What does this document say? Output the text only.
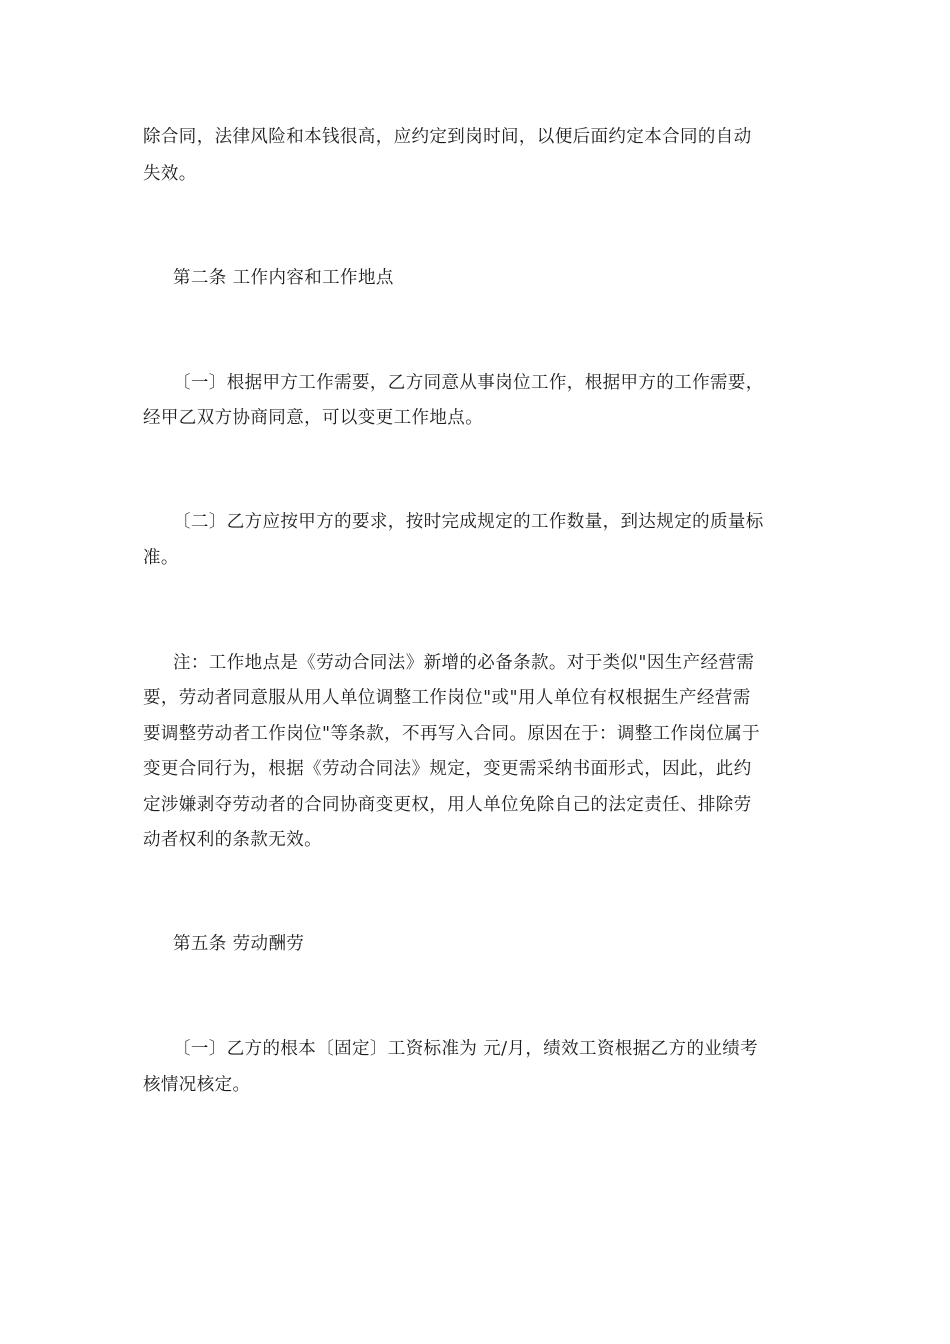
除合同，法律风险和本钱很高，应约定到岗时间，以便后面约定本合同的自动
失效。
第二条 工作内容和工作地点
〔一〕根据甲方工作需要，乙方同意从事岗位工作，根据甲方的工作需要，
经甲乙双方协商同意，可以变更工作地点。
〔二〕乙方应按甲方的要求，按时完成规定的工作数量，到达规定的质量标
准。
注：工作地点是《劳动合同法》新增的必备条款。对于类似"因生产经营需
要，劳动者同意服从用人单位调整工作岗位"或"用人单位有权根据生产经营需
要调整劳动者工作岗位"等条款，不再写入合同。原因在于：调整工作岗位属于
变更合同行为，根据《劳动合同法》规定，变更需采纳书面形式，因此，此约
定涉嫌剥夺劳动者的合同协商变更权，用人单位免除自己的法定责任、排除劳
动者权利的条款无效。
第五条 劳动酬劳
〔一〕乙方的根本〔固定〕工资标准为 元/月，绩效工资根据乙方的业绩考
核情况核定。
